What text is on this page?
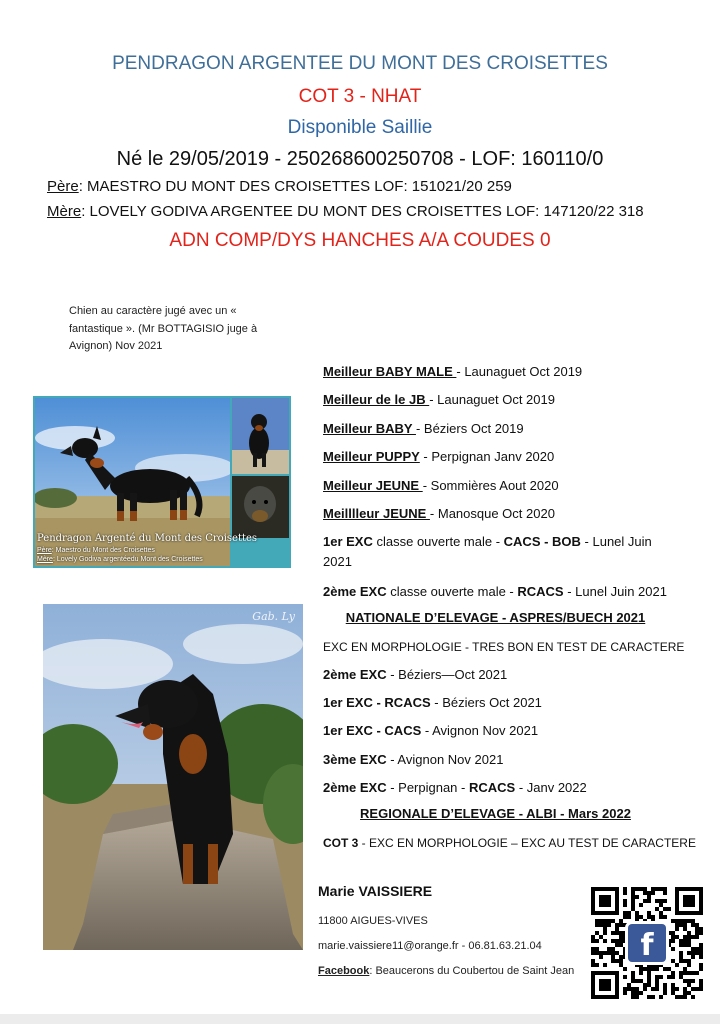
PENDRAGON ARGENTEE DU MONT DES CROISETTES
COT 3 - NHAT
Disponible Saillie
Né le 29/05/2019 - 250268600250708 - LOF: 160110/0
Père: MAESTRO DU MONT DES CROISETTES LOF: 151021/20 259
Mère: LOVELY GODIVA ARGENTEE DU MONT DES CROISETTES LOF: 147120/22 318
ADN COMP/DYS HANCHES A/A COUDES 0
Chien au caractère jugé avec un « fantastique ». (Mr BOTTAGISIO juge à Avignon) Nov 2021
Pendragon Argenté du Mont des Croisettes
Père: Maestro du Mont des Croisettes
Mère: Lovely Godiva argentéedu Mont des Croisettes
Gab. Ly
Meilleur BABY MALE - Launaguet Oct 2019
Meilleur de le JB - Launaguet Oct 2019
Meilleur BABY - Béziers Oct 2019
Meilleur PUPPY - Perpignan Janv 2020
Meilleur JEUNE - Sommières Aout 2020
Meilllleur JEUNE - Manosque Oct 2020
1er EXC classe ouverte male - CACS - BOB - Lunel Juin 2021
2ème EXC classe ouverte male - RCACS - Lunel Juin 2021
NATIONALE D’ELEVAGE - ASPRES/BUECH 2021
EXC EN MORPHOLOGIE - TRES BON EN TEST DE CARACTERE
2ème EXC - Béziers—Oct 2021
1er EXC - RCACS - Béziers Oct 2021
1er EXC - CACS - Avignon Nov 2021
3ème EXC - Avignon Nov 2021
2ème EXC - Perpignan - RCACS - Janv 2022
REGIONALE D’ELEVAGE - ALBI - Mars 2022
COT 3 - EXC EN MORPHOLOGIE – EXC AU TEST DE CARACTERE
Marie VAISSIERE
11800 AIGUES-VIVES
marie.vaissiere11@orange.fr - 06.81.63.21.04
Facebook: Beaucerons du Coubertou de Saint Jean
f
